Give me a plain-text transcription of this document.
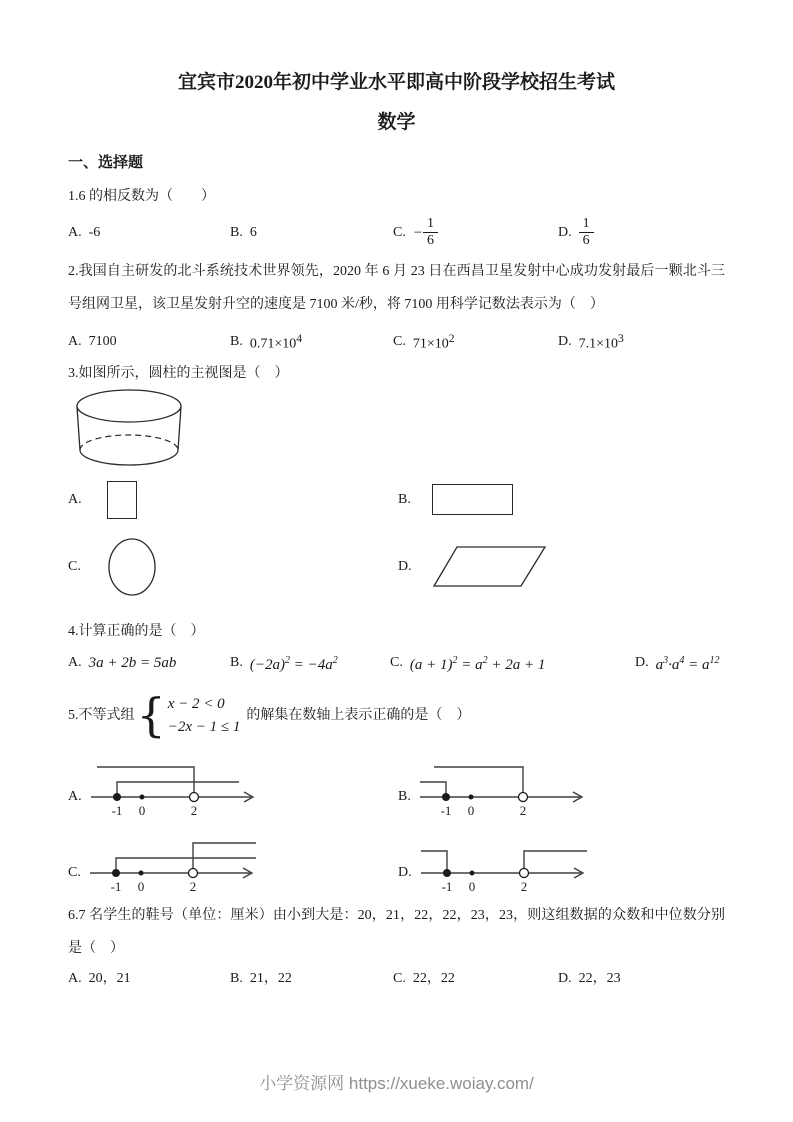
宜宾市2020年初中学业水平即高中阶段学校招生考试
数学
一、选择题
1.6 的相反数为（　　）
A. -6	B. 6	C. − $\frac{1}{6}$	D. $\frac{1}{6}$
2.我国自主研发的北斗系统技术世界领先，2020 年 6 月 23 日在西昌卫星发射中心成功发射最后一颗北斗三号组网卫星，该卫星发射升空的速度是 7100 米/秒，将 7100 用科学记数法表示为（　）
A. 7100	B. $0.71\times 10^4$	C. $71\times 10^2$	D. $7.1\times 10^3$
3.如图所示，圆柱的主视图是（　）
A.	B.
C.	D.
4.计算正确的是（　）
A. 3a + 2b = 5ab	B. $(-2a)^2 = -4a^2$	C. $(a + 1)^2 = a^2 + 2a + 1$	D. $a^3\cdot a^4 = a^{12}$
5.不等式组 { x − 2 < 0
−2x − 1 ≤ 1
的解集在数轴上表示正确的是（　）
A.
-1 0	2
B.
-1 0	2
C.
-1 0	2
D.
-1 0	2
6.7 名学生的鞋号（单位：厘米）由小到大是：20，21，22，22，23，23，则这组数据的众数和中位数分别是（　）
A. 20，21	B. 21，22	C. 22，22	D. 22，23
小学资源网 https://xueke.woiay.com/
